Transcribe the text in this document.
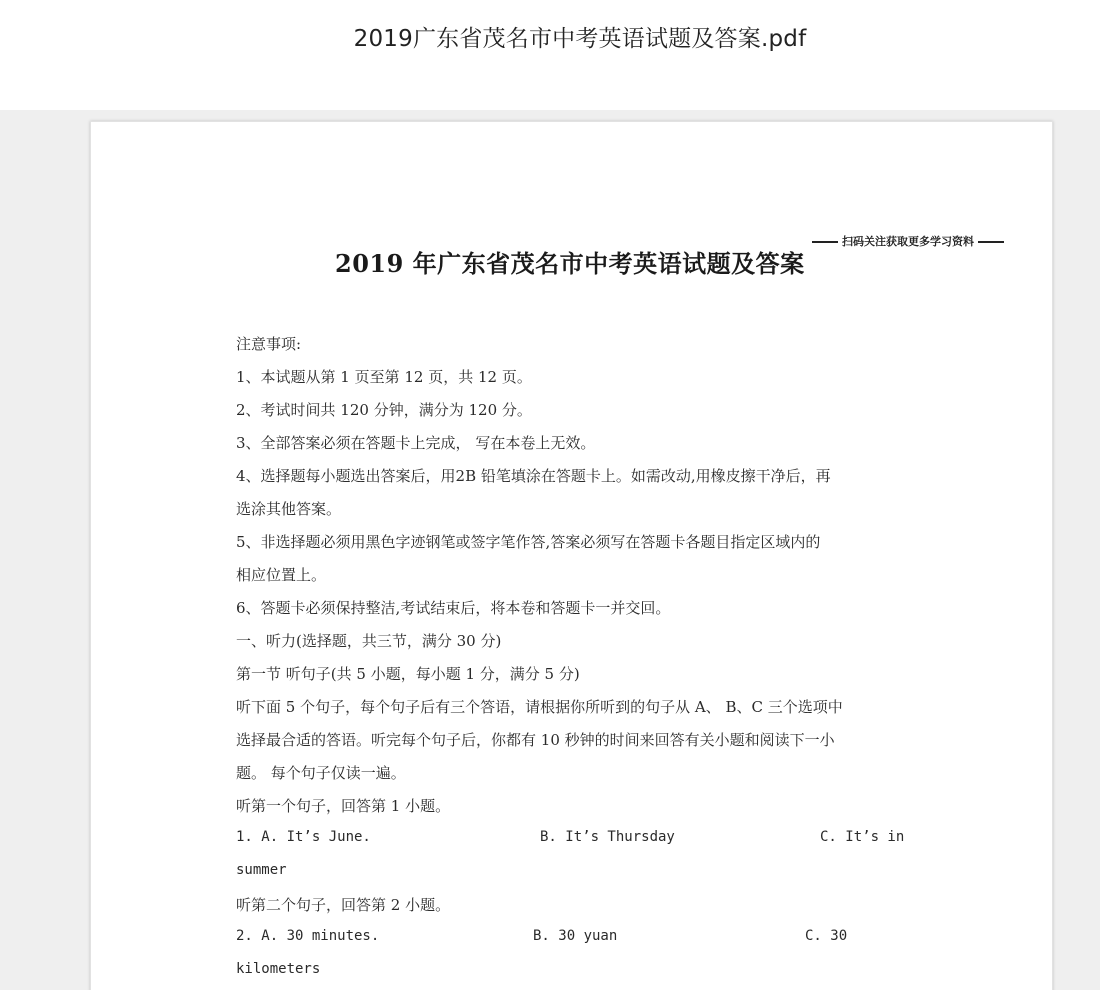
2019广东省茂名市中考英语试题及答案.pdf
扫码关注获取更多学习资料
2019 年广东省茂名市中考英语试题及答案
注意事项:
1、本试题从第 1 页至第 12 页，共 12 页。
2、考试时间共 120 分钟，满分为 120 分。
3、全部答案必须在答题卡上完成， 写在本卷上无效。
4、选择题每小题选出答案后，用2B 铅笔填涂在答题卡上。如需改动,用橡皮擦干净后，再
选涂其他答案。
5、非选择题必须用黑色字迹钢笔或签字笔作答,答案必须写在答题卡各题目指定区域内的
相应位置上。
6、答题卡必须保持整洁,考试结束后，将本卷和答题卡一并交回。
一、听力(选择题，共三节，满分 30 分)
第一节 听句子(共 5 小题，每小题 1 分，满分 5 分)
听下面 5 个句子，每个句子后有三个答语，请根据你所听到的句子从 A、 B、C 三个选项中
选择最合适的答语。听完每个句子后，你都有 10 秒钟的时间来回答有关小题和阅读下一小
题。 每个句子仅读一遍。
听第一个句子，回答第 1 小题。
1. A. It’s June.	B. It’s Thursday	C. It’s in
summer
听第二个句子，回答第 2 小题。
2. A. 30 minutes.	B. 30 yuan	C. 30
kilometers
